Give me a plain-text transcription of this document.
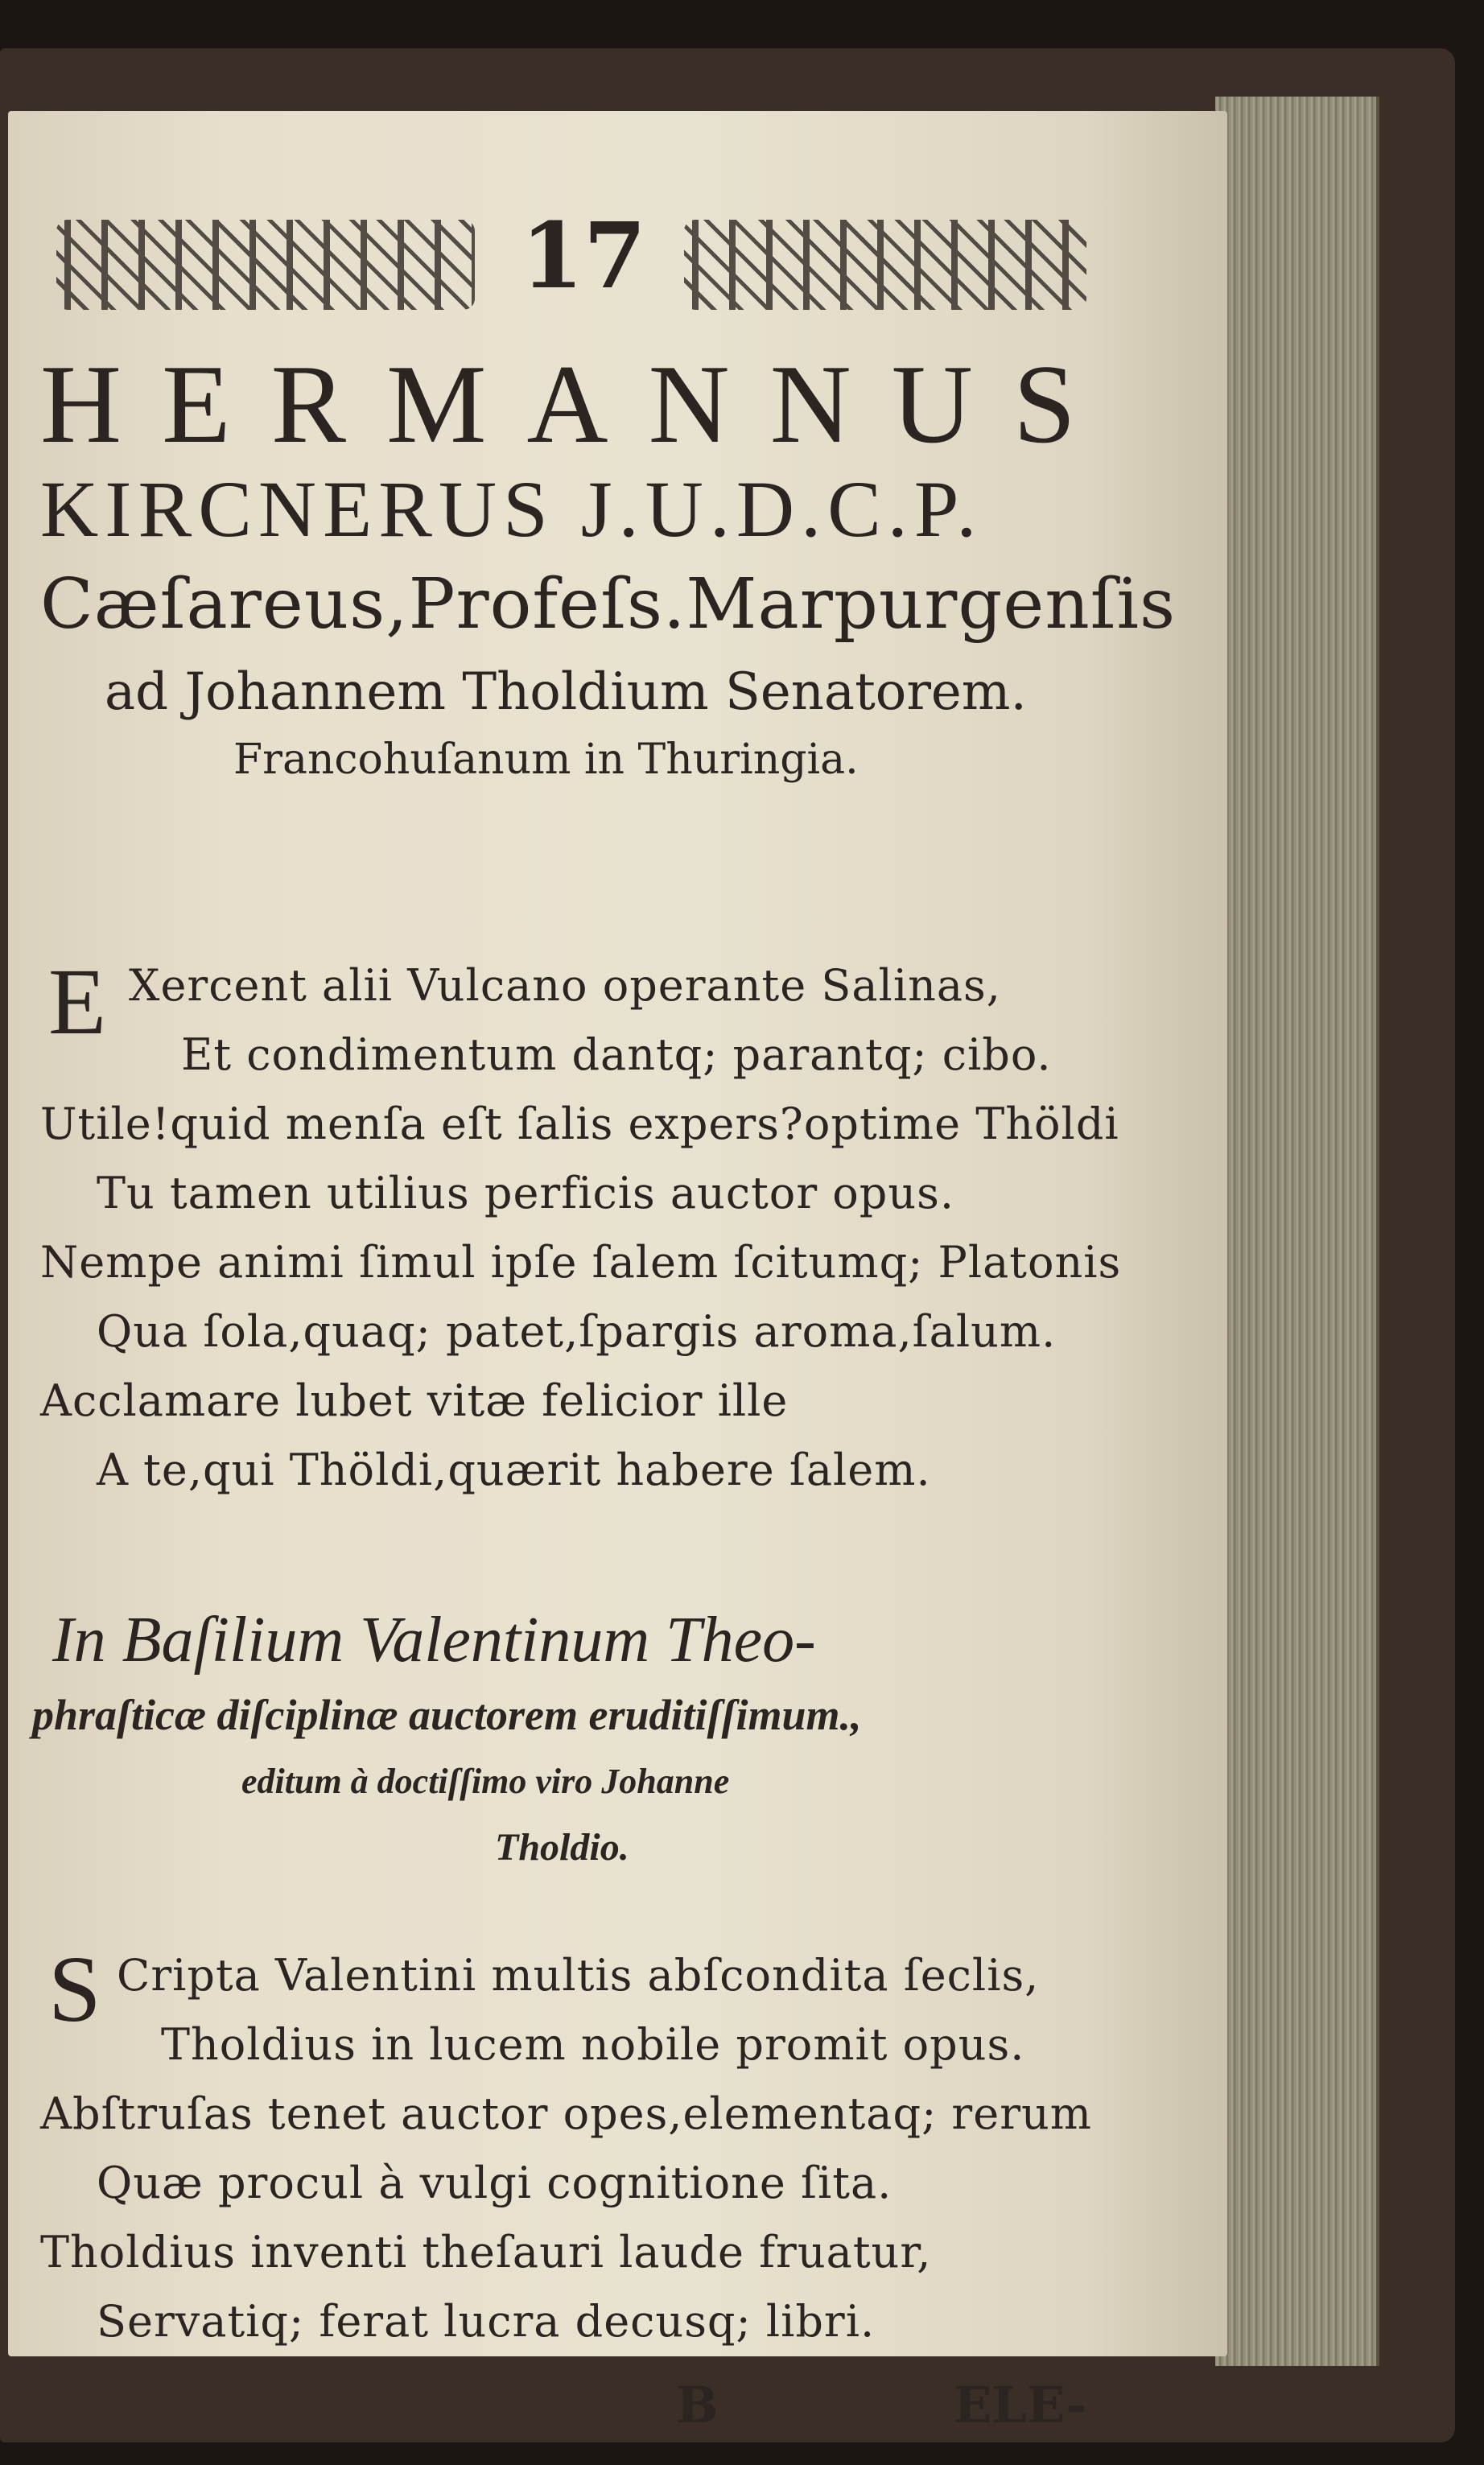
17
HERMANNUS
KIRCNERUS J.U.D.C.P.
Cæſareus,Profeſs.Marpurgenſis
ad Johannem Tholdium Senatorem.
Francohuſanum in Thuringia.
E Xercent alii Vulcano operante Salinas,
Et condimentum dantq; parantq; cibo.
Utile!quid menſa eſt ſalis expers?optime Thöldi
Tu tamen utilius perficis auctor opus.
Nempe animi ſimul ipſe ſalem ſcitumq; Platonis
Qua ſola,quaq; patet,ſpargis aroma,ſalum.
Acclamare lubet vitæ felicior ille
A te,qui Thöldi,quærit habere ſalem.
In Baſilium Valentinum Theo-
phraſticæ diſciplinæ auctorem eruditiſſimum.,
editum à doctiſſimo viro Johanne
Tholdio.
S Cripta Valentini multis abſcondita ſeclis,
Tholdius in lucem nobile promit opus.
Abſtruſas tenet auctor opes,elementaq; rerum
Quæ procul à vulgi cognitione ſita.
Tholdius inventi theſauri laude fruatur,
Servatiq; ferat lucra decusq; libri.
B	ELE-
